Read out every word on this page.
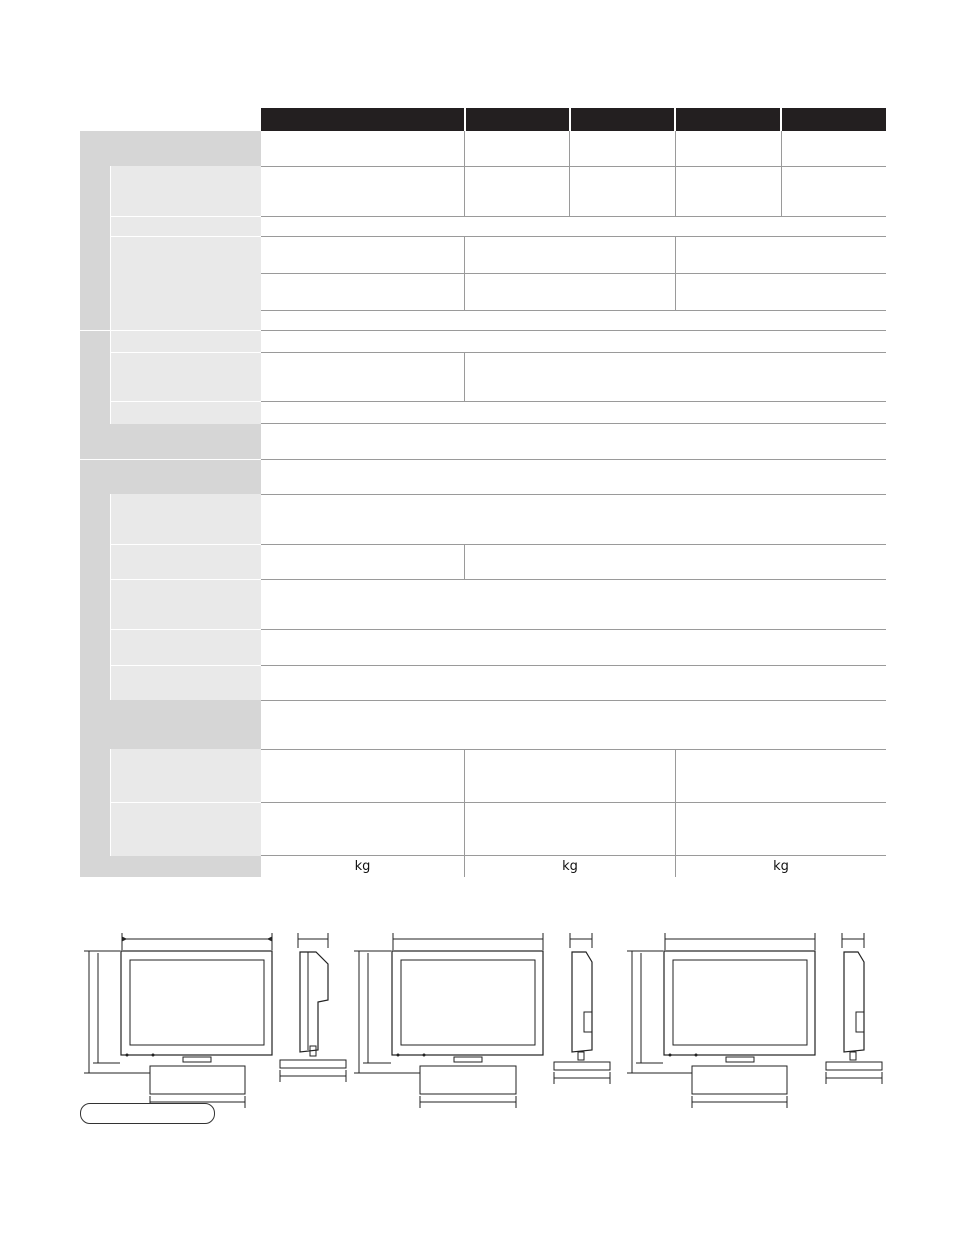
kg	kg	kg
